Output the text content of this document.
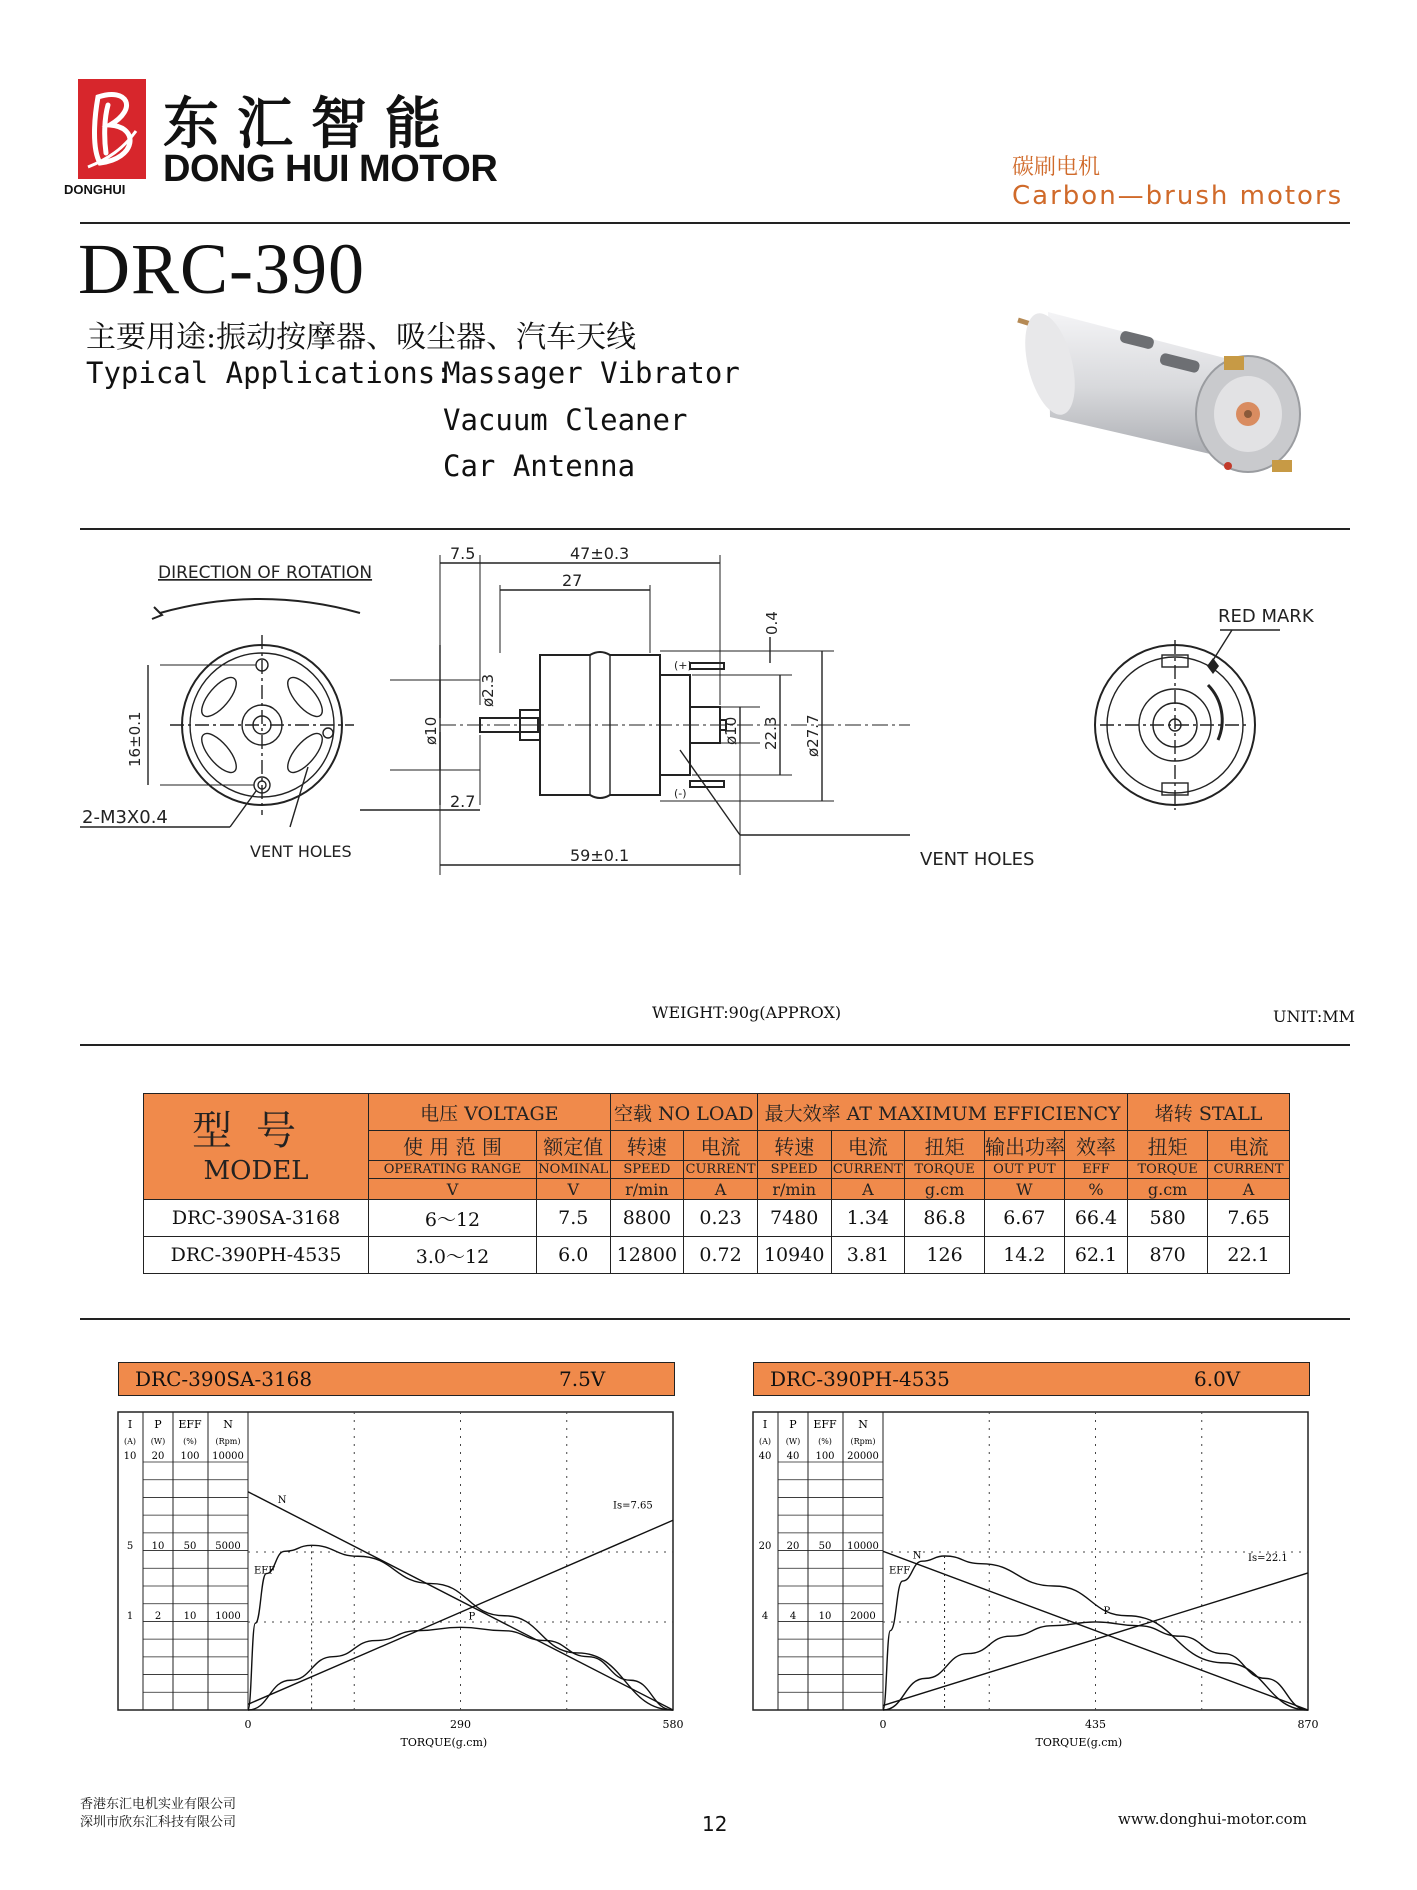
DONGHUI
东汇智能
DONG HUI MOTOR	碳刷电机
Carbon—brush motors
DRC-390
主要用途:振动按摩器、吸尘器、汽车天线
Typical Applications:
Massager Vibrator
Vacuum Cleaner
Car Antenna
DIRECTION OF ROTATION
16±0.1
2-M3X0.4
VENT HOLES
7.5	47±0.3
27
0.4
ø2.3
ø10	ø10 22.3 ø27.7
2.7
59±0.1
(+)
(-)
RED MARK
VENT HOLES
WEIGHT:90g(APPROX)	UNIT:MM
型号
MODEL	电压 VOLTAGE		空载 NO LOAD		最大效率 AT MAXIMUM EFFICIENCY					堵转 STALL	
	使 用 范 围	额定值	转速	电流	转速	电流	扭矩	输出功率	效率	扭矩	电流
	OPERATING RANGE	NOMINAL	SPEED	CURRENT	SPEED	CURRENT	TORQUE	OUT PUT	EFF	TORQUE	CURRENT
	V	V	r/min	A	r/min	A	g.cm	W	%	g.cm	A
DRC-390SA-3168	6～12	7.5	8800	0.23	7480	1.34	86.8	6.67	66.4	580	7.65
DRC-390PH-4535	3.0～12	6.0	12800	0.72	10940	3.81	126	14.2	62.1	870	22.1
DRC-390SA-3168	7.5V	DRC-390PH-4535	6.0V
I
(A)
P
(W)
EFF
(%)
N
(Rpm)
10 20 100 10000
5 10 50 5000
1 2 10 1000
0	290	580
TORQUE(g.cm)
N
P
EFF
Is=7.65
I
(A)
P
(W)
EFF
(%)
N
(Rpm)
40 40 100 20000
20 20 50 10000
4 4 10 2000
0	435	870
TORQUE(g.cm)
N
P
EFF
Is=22.1
香港东汇电机实业有限公司
深圳市欣东汇科技有限公司	12	www.donghui-motor.com
